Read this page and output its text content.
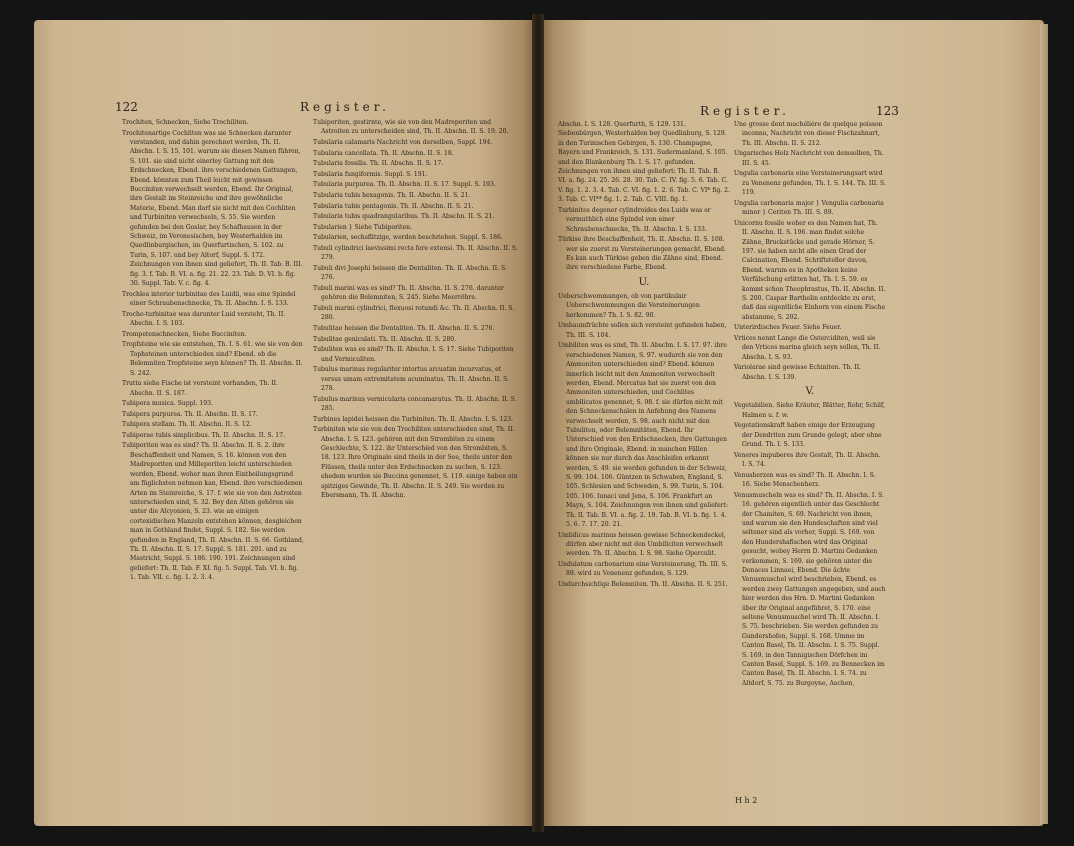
122	Register.

Trochiten, Schnecken, Siehe Trochiliten.

Trochitenartige Cochliten was sie Schnecken darunter verstanden, und dahin gerechnet werden, Th. II. Abschn. I. S. 15. 101. warum sie diesen Namen führen, S. 101. sie sind nicht einerley Gattung mit den Erdschnecken, Ebend. ihre verschiedenen Gattungen, Ebend. könnten zum Theil leicht mit gewissen Bucciniten verwechselt werden, Ebend. Ihr Original, ihre Gestalt im Steinreiche und ihre gewöhnliche Materie, Ebend. Man darf sie nicht mit den Cochliten und Turbiniten verwechseln, S. 55. Sie werden gefunden bei den Goslar, bey Schafhausen in der Schweiz, im Veronesischen, bey Westerhalden im Quedlinburgischen, im Querfurtischen, S. 102. zu Turin, S. 107. und bey Altorf, Suppl. S. 172. Zeichnungen von ihnen sind geliefert, Th. II. Tab. B. III. fig. 3. f. Tab. B. VI. a. fig. 21. 22. 23. Tab. D. VI. b. fig. 30. Suppl. Tab. V. c. fig. 4.

Trochlea interior turbinitae des Luidii, was eine Spindel einer Schraubenschnecke, Th. II. Abschn. I. S. 133.

Trocho-turbinitae was darunter Luid versteht, Th. II. Abschn. I. S. 103.

Trompetenschnecken, Siehe Bucciniten.

Tropfsteine wie sie entstehen, Th. I. S. 61. wie sie von den Tophsteinen unterschieden sind? Ebend. ob die Belemniten Tropfsteine seyn können? Th. II. Abschn. II. S. 242.

Trutta siehe Fische ist versteint vorhanden, Th. II. Abschn. II. S. 187.

Tubipora musica. Suppl. 193.

Tubipora purpurea. Th. II. Abschn. II. S. 17.

Tubipora stellam. Th. II. Abschn. II. S. 12.

Tubiporae tubis simplicibus. Th. II. Abschn. II. S. 17.

Tubiporiten was es sind? Th. II. Abschn. II. S. 2. ihre Beschaffenheit und Namen, S. 16. können von den Madreporiten und Milleporiten leicht unterschieden werden, Ebend. woher man ihren Eintheilungsgrund am füglichsten nehmen kan, Ebend. ihre verschiedenen Arten im Steinreiche, S. 17. f. wie sie von den Astroiten unterschieden sind, S. 32. Bey den Alten gehören sie unter die Alcyonien, S. 23. wie an einigen cortexidischen Manzeln entstehen können, desgleichen man in Gothland findet, Suppl. S. 182. Sie werden gefunden in England, Th. II. Abschn. II. S. 66. Gothland, Th. II. Abschn. II. S. 17. Suppl. S. 181. 201. und zu Mastricht, Suppl. S. 186. 190. 191. Zeichnungen sind geliefert: Th. II. Tab. F. XI. fig. 5. Suppl. Tab. VI. b. fig. 1. Tab. VII. c. fig. 1. 2. 3. 4.

Tubiporiten, gestirnte, wie sie von den Madreporiten und Astroiten zu unterscheiden sind, Th. II. Abschn. II. S. 19. 20.

Tubularia calamaris Nachricht von derselben, Suppl. 194.

Tubularia cancellata. Th. II. Abschn. II. S. 18.

Tubularia fossilis. Th. II. Abschn. II. S. 17.

Tubularia fungiformis. Suppl. S. 191.

Tubularia purpurea. Th. II. Abschn. II. S. 17. Suppl. S. 193.

Tubularia tubis hexagonis. Th. II. Abschn. II. S. 21.

Tubularia tubis pentagonis. Th. II. Abschn. II. S. 21.

Tubularia tubis quadrangularibus. Th. II. Abschn. II. S. 21.

Tubularien } Siehe Tubiporiten.

Tubularien, sechsflitzige, werden beschrieben. Suppl. S. 186.

Tubuli cylindrici laevissimi recta fere extensi. Th. II. Abschn. II. S. 279.

Tubuli divi Josephi heissen die Dentaliten. Th. II. Abschn. II. S. 276.

Tubuli marini was es sind? Th. II. Abschn. II. S. 276. darunter gehören die Belemniten, S. 245. Siehe Meerröhre.

Tubuli marini cylindrici, flexuosi rotundi &c. Th. II. Abschn. II. S. 280.

Tubulitae heissen die Dentaliten. Th. II. Abschn. II. S. 276.

Tubulitae geniculati. Th. II. Abschn. II. S. 280.

Tubuliten was es sind? Th. II. Abschn. I. S. 17. Siehe Tubiporiten und Vermiculiten.

Tubulus marinus regulariter intortus arcuatim incurvatus, et versus umam extremitatem acuminatus. Th. II. Abschn. II. S. 278.

Tubulus marinus vermicularis concamaratus. Th. II. Abschn. II. S. 285.

Turbines lapidei heissen die Turbiniten. Th. II. Abschn. I. S. 123.

Turbiniten wie sie von den Trochiliten unterschieden sind, Th. II. Abschn. I. S. 123. gehören mit den Strombiten zu einem Geschlechte, S. 122. ihr Unterschied von den Strombiten, S. 18. 123. Ihre Originale sind theils in der See, theils unter den Flüssen, theils unter den Erdschnecken zu suchen, S. 123. ehedem wurden sie Buccina genennet, S. 119. einige haben ein spitziges Gewinde, Th. II. Abschn. II. S. 249. Sie werden zu Ebersmann, Th. II. Abschn.

Register.	123

Abschn. I. S. 128. Querfurth, S. 129. 131. Siebenbürgen, Westerhalden bey Quedlinburg, S. 129. in den Turinischen Gebirgen, S. 130. Champagne, Bayern und Frankreich, S. 131. Sudermanland, S. 105. und den Blankenburg Th. I. S. 17. gefunden. Zeichnungen von ihnen sind geliefert: Th. II. Tab. B. VI. a. fig. 24. 25. 26. 28. 30. Tab. C. IV. fig. 5. 6. Tab. C. V. fig. 1. 2. 3. 4. Tab. C. VI. fig. 1. 2. 6. Tab. C. VI* fig. 2. 3. Tab. C. VI** fig. 1. 2. Tab. C. VIII. fig. 1.

Turbinites degener cylindroides des Luids was er vermuthlich eine Spindel von einer Schraubenschnecke, Th. II. Abschn. I. S. 133.

Türkise ihre Beschaffenheit, Th. II. Abschn. II. S. 108. wer sie zuerst zu Versteinerungen gemacht, Ebend. Es kan auch Türkise geben die Zähne sind, Ebend. ihre verschiedene Farbe, Ebend.

U.

Ueberschwemmungen, ob von partikulair Ueberschwemmungen die Versteinerungen herkommen? Th. I. S. 82. 90.

Umbaumfrüchte sollen sich versteint gefunden haben, Th. III. S. 104.

Umbiliten was es sind, Th. II. Abschn. I. S. 17. 97. ihre verschiedenen Namen, S. 97. wodurch sie von den Ammoniten unterschieden sind? Ebend. können innerlich leicht mit den Ammoniten verwechselt werden, Ebend. Mercatus hat sie zuerst von den Ammoniten unterschieden, und Cochlites umbilicatos genennet, S. 98. f. sie dürfen nicht mit den Schneckenschalen in Anfehung des Namens verwechselt werden, S. 98. auch nicht mit den Tubuliten, oder Belemnitäten, Ebend. Ihr Unterschied von den Erdschnecken, ihre Gattungen und ihre Originale, Ebend. in manchen Fällen können sie nur durch das Anschleifen erkannt werden, S. 49. sie werden gefunden in der Schweiz, S. 99. 104. 106. Güntzen in Schwaben, England, S. 105. Schlesien und Schweden, S. 99. Turin, S. 104. 105. 106. Iunaci und Jena, S. 106. Frankfurt an Mayn, S. 104. Zeichnungen von ihnen sind geliefert: Th. II. Tab. B. VI. a. fig. 2. 19. Tab. B. VI. b. fig. 1. 4. 5. 6. 7. 17. 20. 21.

Umbilicus marinus heissen gewisse Schneckendeckel, dürfen aber nicht mit den Umbiliciten verwechselt werden. Th. II. Abschn. I. S. 98. Siehe Operculit.

Undulatum carbonarium eine Versteinerung, Th. III. S. 89. wird zu Venenenz gefunden, S. 129.

Undurchsichtige Belemniten. Th. II. Abschn. II. S. 251.

Une grosse dent machélière de quelque poisson inconnu, Nachricht von dieser Fischzahnart, Th. III. Abschn. II. S. 212.

Ungarisches Holz Nachricht von demselben, Th. III. S. 45.

Ungulia carbonaria eine Versteinerungsart wird zu Venenenz gefunden, Th. I. S. 144. Th. III. S. 119.

Ungulia carbonaria major } Vengulia carbonaria minor } Ceriten Th. III. S. 89.

Unicornu fossile woher es den Namen hat, Th. II. Abschn. II. S. 196. man findet solche Zähne, Bruckstücke und gerade Hörner, S. 197. sie haben nicht alle einen Grad der Calcination, Ebend. Schriftsteller davon, Ebend. warum es in Apotheken keine Verfälschung erlitten hat, Th. I. S. 59. es kommt schon Theophrastus, Th. II. Abschn. II. S. 200. Caspar Bartholin entdeckte zu erst, daß das eigentliche Einhorn von einem Fische abstamme, S. 202.

Unterirdisches Feuer. Siehe Feuer.

Vrtices nennt Lange die Osterciditen, weil sie den Vrtices marina gleich seyn sollen, Th. II. Abschn. I. S. 93.

Variolarae sind gewisse Echiniten. Th. II. Abschn. I. S. 139.

V.

Vegetabilien. Siehe Kräuter, Blätter, Rohr, Schilf, Halmen u. f. w.

Vegetationskraft haben einige der Erzeugung der Dendriten zum Grunde gelegt, aber ohne Grund. Th. I. S. 133.

Veneres impuberes ihre Gestalt, Th. II. Abschn. I. S. 74.

Venusherzen was es sind? Th. II. Abschn. I. S. 16. Siehe Menschenherz.

Venusmuscheln was es sind? Th. II. Abschn. I. S. 16. gehören eigentlich unter das Geschlecht der Chamiten, S. 69. Nachricht von ihnen, und warum sie den Hundeschaften sind viel seltener sind als vorher, Suppl. S. 169. von den Hundershafischen wird das Original gesucht, wobey Herrn D. Martini Gedanken verkommen, S. 169. sie gehören unter die Donaces Linnaei, Ebend. Die ächte Venusmuschel wird beschrieben, Ebend. es werden zwey Gattungen angegeben, und auch hier werden des Hrn. D. Martini Gedanken über ihr Original angeführet, S. 170. eine seltene Venusmuschel wird Th. II. Abschn. I. S. 75. beschrieben. Sie werden gefunden zu Gundershofen, Suppl. S. 168. Umme im Canton Basel, Th. II. Abschn. I. S. 75. Suppl. S. 169. in den Tannigischen Dörfchen im Canton Basel, Suppl. S. 169. zu Bennecken im Canton Basel, Th. II. Abschn. I. S. 74. zu Altdorf, S. 75. zu Burgoyne, Aachen,

H h 2
